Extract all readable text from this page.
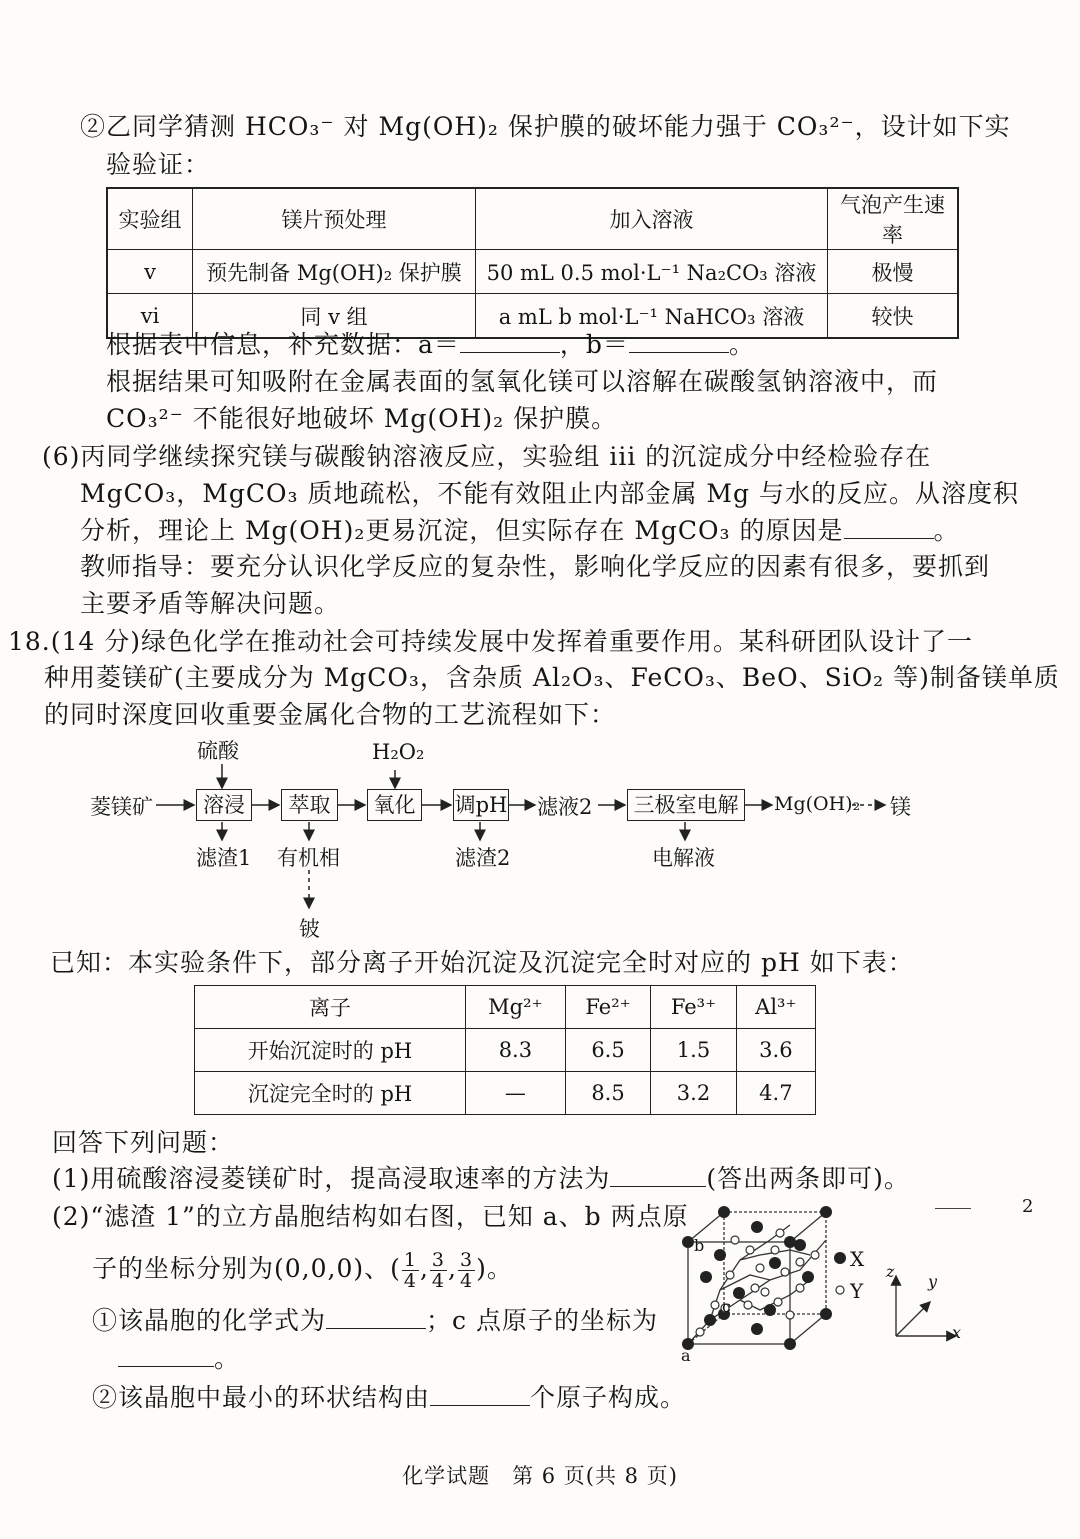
②乙同学猜测 HCO₃⁻ 对 Mg(OH)₂ 保护膜的破坏能力强于 CO₃²⁻，设计如下实
验验证：
实验组	镁片预处理	加入溶液	气泡产生速率
v	预先制备 Mg(OH)₂ 保护膜	50 mL 0.5 mol·L⁻¹ Na₂CO₃ 溶液	极慢
vi	同 v 组	a mL b mol·L⁻¹ NaHCO₃ 溶液	较快
根据表中信息，补充数据：a＝	，b＝	。
根据结果可知吸附在金属表面的氢氧化镁可以溶解在碳酸氢钠溶液中，而
CO₃²⁻ 不能很好地破坏 Mg(OH)₂ 保护膜。
(6)丙同学继续探究镁与碳酸钠溶液反应，实验组 iii 的沉淀成分中经检验存在
MgCO₃，MgCO₃ 质地疏松，不能有效阻止内部金属 Mg 与水的反应。从溶度积
分析，理论上 Mg(OH)₂更易沉淀，但实际存在 MgCO₃ 的原因是	。
教师指导：要充分认识化学反应的复杂性，影响化学反应的因素有很多，要抓到
主要矛盾等解决问题。
18.(14 分)绿色化学在推动社会可持续发展中发挥着重要作用。某科研团队设计了一
种用菱镁矿(主要成分为 MgCO₃，含杂质 Al₂O₃、FeCO₃、BeO、SiO₂ 等)制备镁单质
的同时深度回收重要金属化合物的工艺流程如下：
菱镁矿
硫酸	H₂O₂
溶浸	萃取	氧化	调pH 滤液2	三极室电解	Mg(OH)₂ 镁
滤渣1 有机相	滤渣2	电解液
铍
已知：本实验条件下，部分离子开始沉淀及沉淀完全时对应的 pH 如下表：
离子	Mg²⁺	Fe²⁺	Fe³⁺	Al³⁺
开始沉淀时的 pH	8.3	6.5	1.5	3.6
沉淀完全时的 pH	—	8.5	3.2	4.7
回答下列问题：
(1)用硫酸溶浸菱镁矿时，提高浸取速率的方法为	(答出两条即可)。
(2)“滤渣 1”的立方晶胞结构如右图，已知 a、b 两点原
子的坐标分别为(0,0,0)、( $\frac{1}{4}$ , $\frac{3}{4}$ , $\frac{3}{4}$ )。
①该晶胞的化学式为	；c 点原子的坐标为
。
②该晶胞中最小的环状结构由	个原子构成。
b
c
a
X
Y
z
y
x
2
化学试题　第 6 页(共 8 页)
